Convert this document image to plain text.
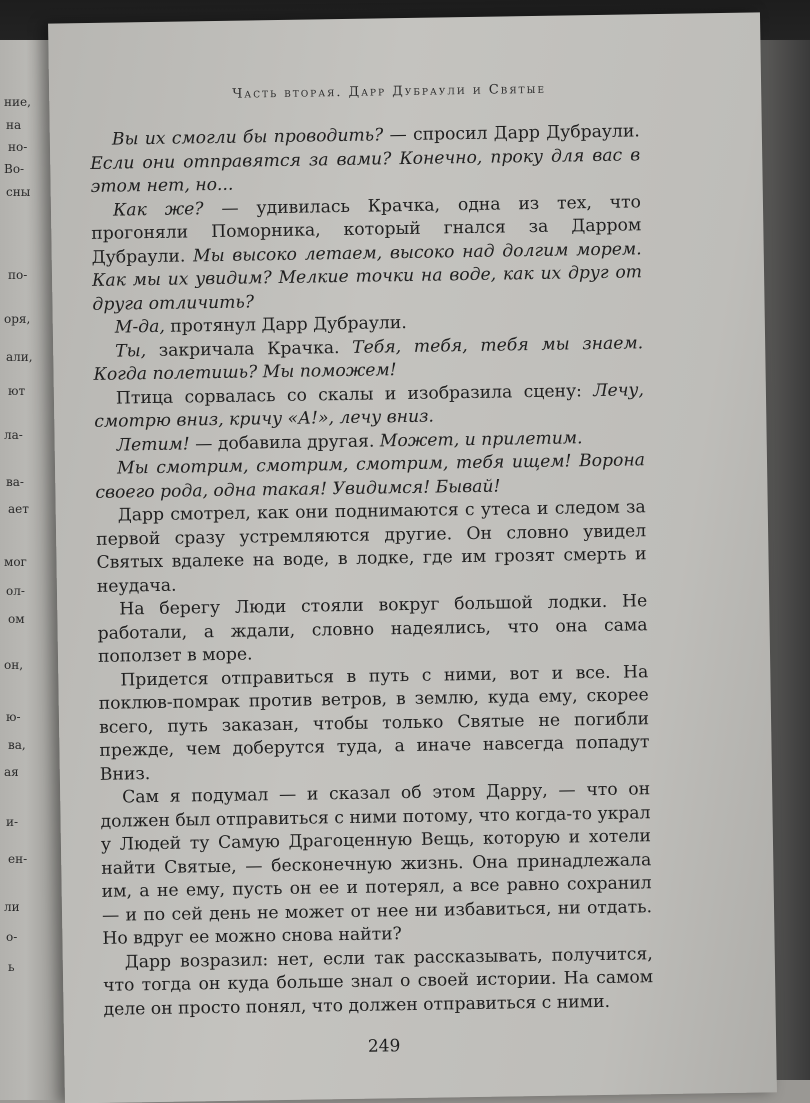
ние,
на
но-
Во-
сны
по-
оря,
али,
ют
ла-
ва-
ает
мог
ол-
ом
он,
ю-
ва,
ая
и-
ен-
ли
о-
ь
Часть вторая. Дарр Дубраули и Святые

Вы их смогли бы проводить? — спросил Дарр Дубраули. Если они отправятся за вами? Конечно, проку для вас в этом нет, но...

Как же? — удивилась Крачка, одна из тех, что прогоняли Поморника, который гнался за Дарром Дубраули. Мы высоко летаем, высоко над долгим морем. Как мы их увидим? Мелкие точки на воде, как их друг от друга отличить?

М-да, протянул Дарр Дубраули.

Ты, закричала Крачка. Тебя, тебя, тебя мы знаем. Когда полетишь? Мы поможем!

Птица сорвалась со скалы и изобразила сцену: Лечу, смотрю вниз, кричу «А!», лечу вниз.

Летим! — добавила другая. Может, и прилетим.

Мы смотрим, смотрим, смотрим, тебя ищем! Ворона своего рода, одна такая! Увидимся! Бывай!

Дарр смотрел, как они поднимаются с утеса и следом за первой сразу устремляются другие. Он словно увидел Святых вдалеке на воде, в лодке, где им грозят смерть и неудача.

На берегу Люди стояли вокруг большой лодки. Не работали, а ждали, словно надеялись, что она сама поползет в море.

Придется отправиться в путь с ними, вот и все. На поклюв-помрак против ветров, в землю, куда ему, скорее всего, путь заказан, чтобы только Святые не погибли прежде, чем доберутся туда, а иначе навсегда попадут Вниз.

Сам я подумал — и сказал об этом Дарру, — что он должен был отправиться с ними потому, что когда-то украл у Людей ту Самую Драгоценную Вещь, которую и хотели найти Святые, — бесконечную жизнь. Она принадлежала им, а не ему, пусть он ее и потерял, а все равно сохранил — и по сей день не может от нее ни избавиться, ни отдать. Но вдруг ее можно снова найти?

Дарр возразил: нет, если так рассказывать, получится, что тогда он куда больше знал о своей истории. На самом деле он просто понял, что должен отправиться с ними.

249
